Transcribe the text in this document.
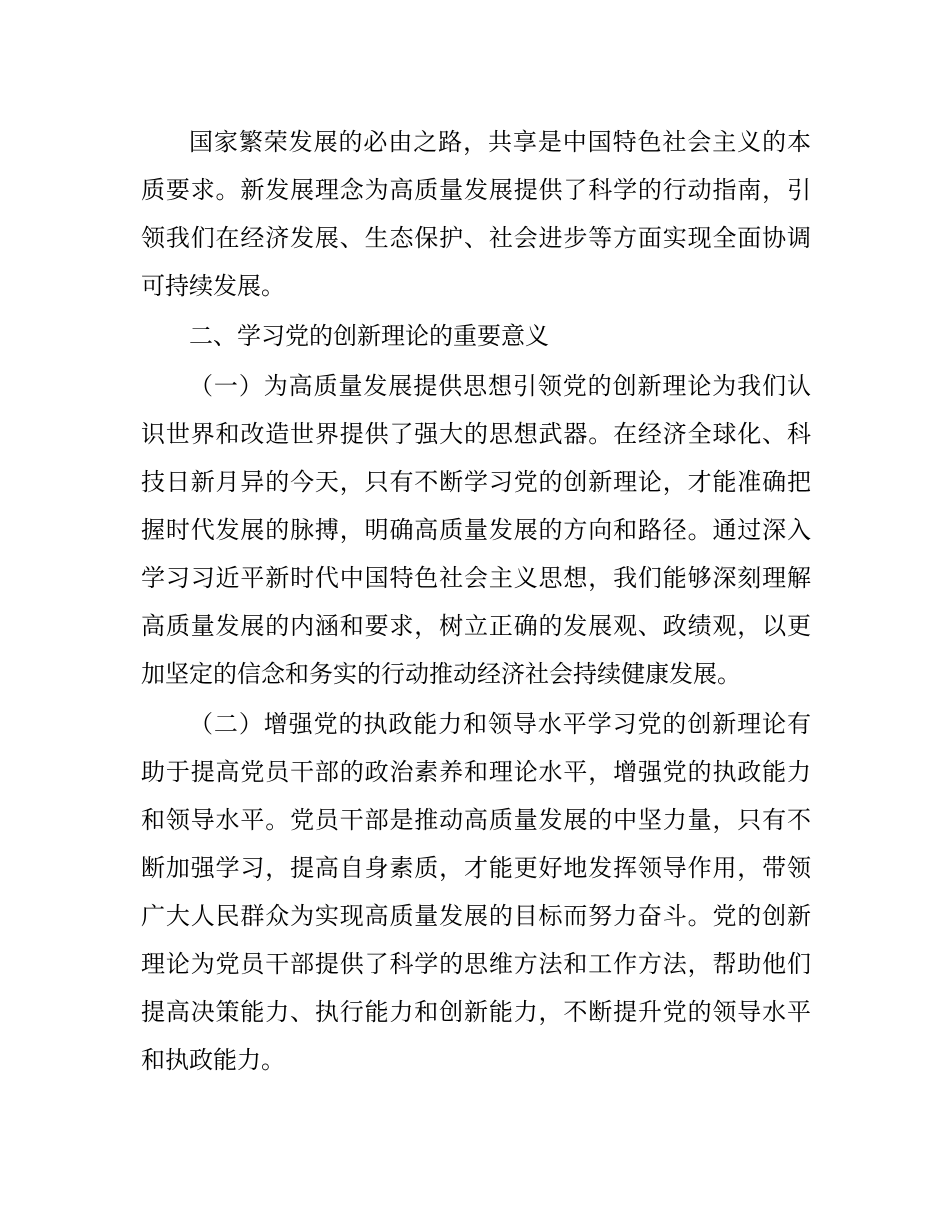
国家繁荣发展的必由之路，共享是中国特色社会主义的本质要求。新发展理念为高质量发展提供了科学的行动指南，引领我们在经济发展、生态保护、社会进步等方面实现全面协调可持续发展。

二、学习党的创新理论的重要意义

（一）为高质量发展提供思想引领党的创新理论为我们认识世界和改造世界提供了强大的思想武器。在经济全球化、科技日新月异的今天，只有不断学习党的创新理论，才能准确把握时代发展的脉搏，明确高质量发展的方向和路径。通过深入学习习近平新时代中国特色社会主义思想，我们能够深刻理解高质量发展的内涵和要求，树立正确的发展观、政绩观，以更加坚定的信念和务实的行动推动经济社会持续健康发展。

（二）增强党的执政能力和领导水平学习党的创新理论有助于提高党员干部的政治素养和理论水平，增强党的执政能力和领导水平。党员干部是推动高质量发展的中坚力量，只有不断加强学习，提高自身素质，才能更好地发挥领导作用，带领广大人民群众为实现高质量发展的目标而努力奋斗。党的创新理论为党员干部提供了科学的思维方法和工作方法，帮助他们提高决策能力、执行能力和创新能力，不断提升党的领导水平和执政能力。
